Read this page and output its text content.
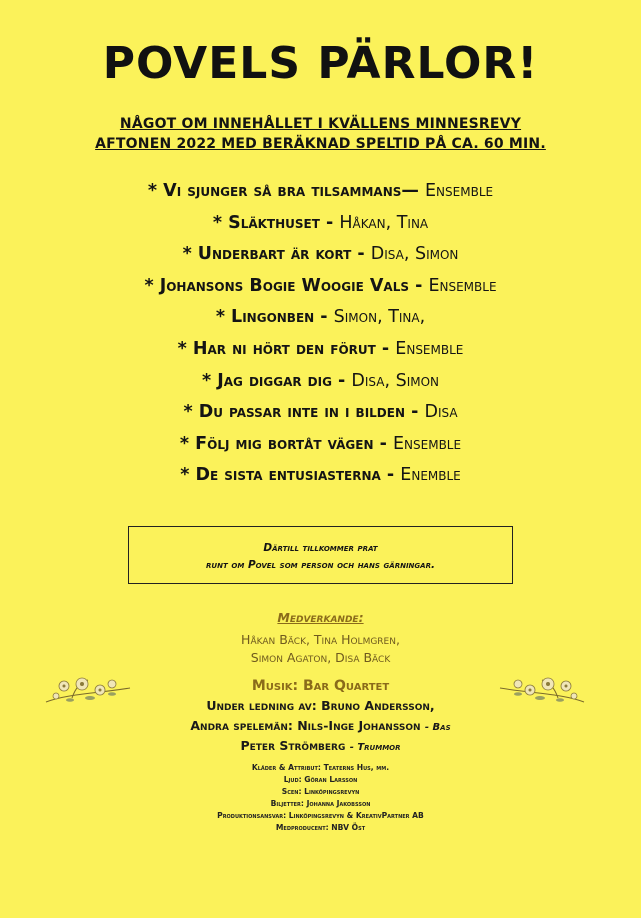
POVELS PÄRLOR!
NÅGOT OM INNEHÅLLET I KVÄLLENS MINNESREVY
AFTONEN 2022 MED BERÄKNAD SPELTID PÅ CA. 60 MIN.
* Vi sjunger så bra tilsammans— Ensemble
* Släkthuset - Håkan, Tina
* Underbart är kort - Disa, Simon
* Johansons Bogie Woogie Vals - Ensemble
* Lingonben - Simon, Tina,
* Har ni hört den förut - Ensemble
* Jag diggar dig - Disa, Simon
* Du passar inte in i bilden - Disa
* Följ mig bortåt vägen - Ensemble
* De sista entusiasterna - Enemble
Därtill tillkommer prat
runt om Povel som person och hans gärningar.
Medverkande:
Håkan Bäck, Tina Holmgren,
Simon Agaton, Disa Bäck
Musik: Bar Quartet
Under ledning av: Bruno Andersson,
Andra spelemän: Nils-Inge Johansson - Bas
Peter Strömberg - Trummor
Kläder & Attribut: Teaterns Hus, mm.
Ljud: Göran Larsson
Scen: Linköpingsrevyn
Biljetter: Johanna Jakobsson
Produktionsansvar: Linköpingsrevyn & KreativPartner AB
Medproducent: NBV Öst
